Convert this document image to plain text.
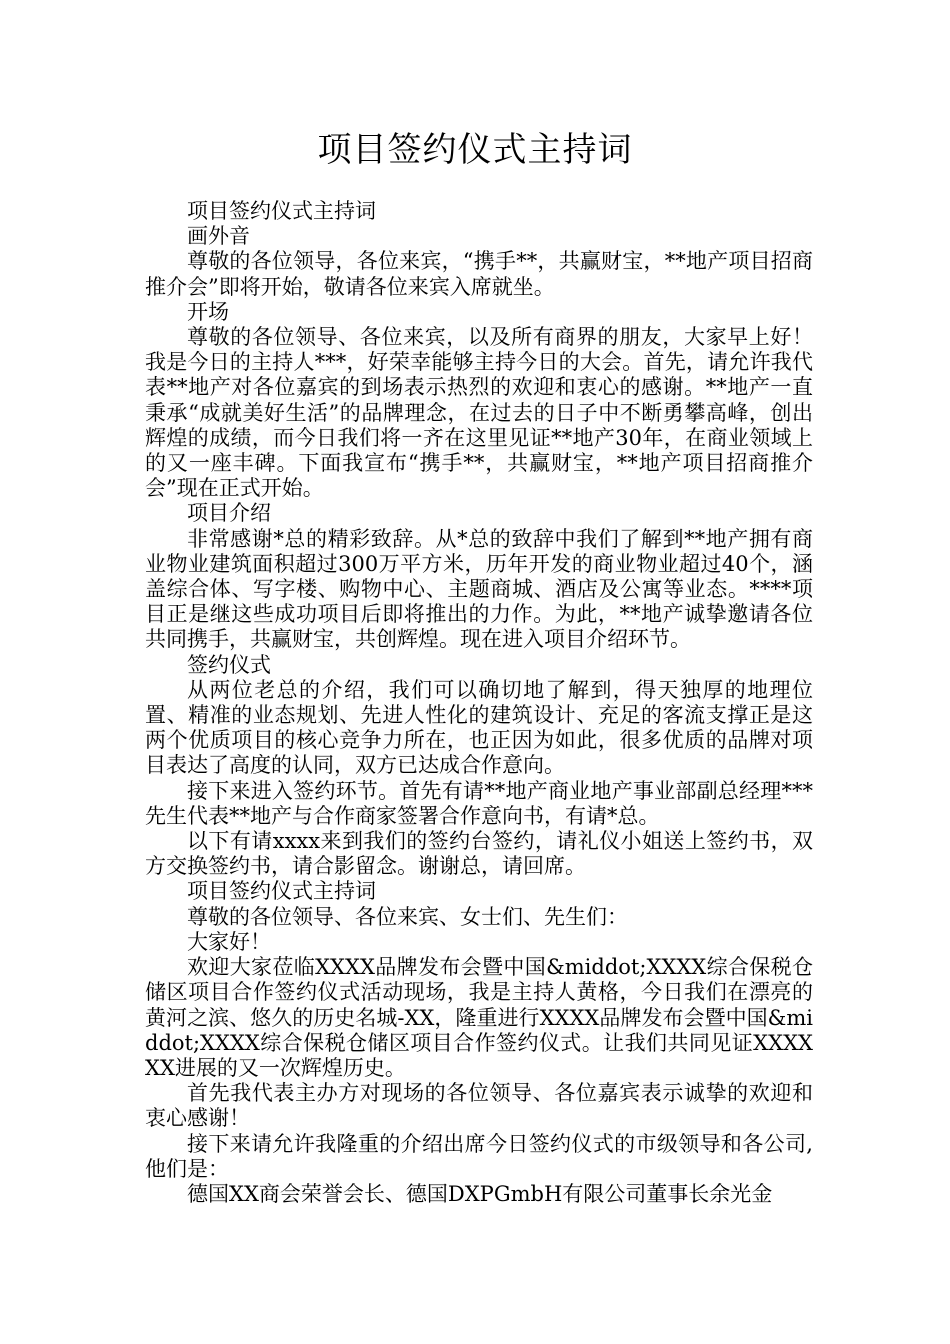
项目签约仪式主持词

项目签约仪式主持词

画外音

尊敬的各位领导，各位来宾，“携手**，共赢财宝，**地产项目招商推介会”即将开始，敬请各位来宾入席就坐。

开场

尊敬的各位领导、各位来宾，以及所有商界的朋友，大家早上好！我是今日的主持人***，好荣幸能够主持今日的大会。首先，请允许我代表**地产对各位嘉宾的到场表示热烈的欢迎和衷心的感谢。**地产一直秉承“成就美好生活”的品牌理念，在过去的日子中不断勇攀高峰，创出辉煌的成绩，而今日我们将一齐在这里见证**地产30年，在商业领域上的又一座丰碑。下面我宣布“携手**，共赢财宝，**地产项目招商推介会”现在正式开始。

项目介绍

非常感谢*总的精彩致辞。从*总的致辞中我们了解到**地产拥有商业物业建筑面积超过300万平方米，历年开发的商业物业超过40个，涵盖综合体、写字楼、购物中心、主题商城、酒店及公寓等业态。****项目正是继这些成功项目后即将推出的力作。为此，**地产诚挚邀请各位共同携手，共赢财宝，共创辉煌。现在进入项目介绍环节。

签约仪式

从两位老总的介绍，我们可以确切地了解到，得天独厚的地理位置、精准的业态规划、先进人性化的建筑设计、充足的客流支撑正是这两个优质项目的核心竞争力所在，也正因为如此，很多优质的品牌对项目表达了高度的认同，双方已达成合作意向。

接下来进入签约环节。首先有请**地产商业地产事业部副总经理***先生代表**地产与合作商家签署合作意向书，有请*总。

以下有请xxxx来到我们的签约台签约，请礼仪小姐送上签约书，双方交换签约书，请合影留念。谢谢总，请回席。

项目签约仪式主持词

尊敬的各位领导、各位来宾、女士们、先生们：

大家好！

欢迎大家莅临XXXX品牌发布会暨中国&middot;XXXX综合保税仓储区项目合作签约仪式活动现场，我是主持人黄格，今日我们在漂亮的黄河之滨、悠久的历史名城-XX，隆重进行XXXX品牌发布会暨中国&middot;XXXX综合保税仓储区项目合作签约仪式。让我们共同见证XXXXXX进展的又一次辉煌历史。

首先我代表主办方对现场的各位领导、各位嘉宾表示诚挚的欢迎和衷心感谢！

接下来请允许我隆重的介绍出席今日签约仪式的市级领导和各公司,他们是：

德国XX商会荣誉会长、德国DXPGmbH有限公司董事长余光金
